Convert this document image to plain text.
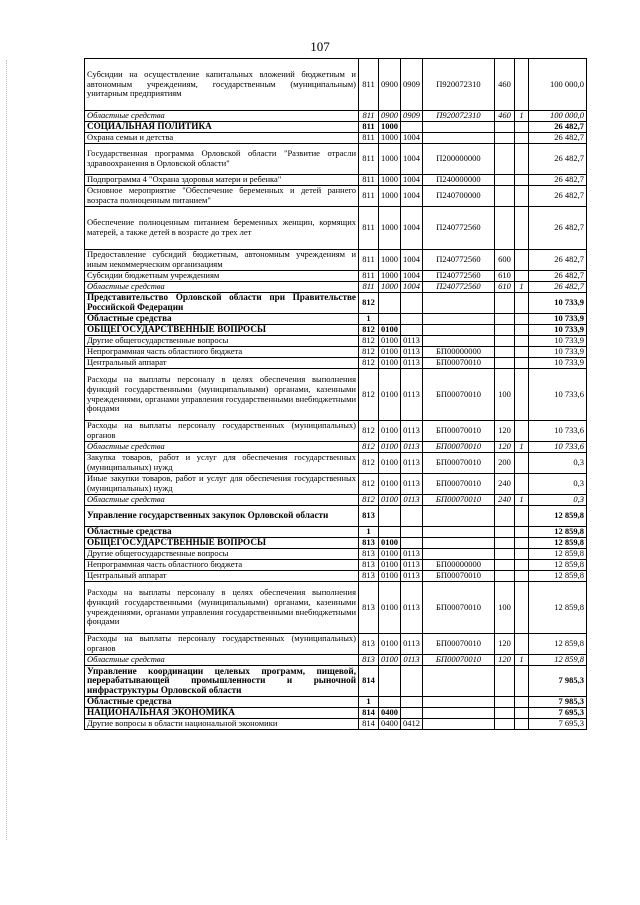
107
Субсидии на осуществление капитальных вложений бюджетным и автономным учреждениям, государственным (муниципальным) унитарным предприятиям	811	0900	0909	П920072310	460		100 000,0
Областные средства	811	0900	0909	П920072310	460	1	100 000,0
СОЦИАЛЬНАЯ ПОЛИТИКА	811	1000					26 482,7
Охрана семьи и детства	811	1000	1004				26 482,7
Государственная программа Орловской области "Развитие отрасли здравоохранения в Орловской области"	811	1000	1004	П200000000			26 482,7
Подпрограмма 4 "Охрана здоровья матери и ребенка"	811	1000	1004	П240000000			26 482,7
Основное мероприятие "Обеспечение беременных и детей раннего возраста полноценным питанием"	811	1000	1004	П240700000			26 482,7
Обеспечение полноценным питанием беременных женщин, кормящих матерей, а также детей в возрасте до трех лет	811	1000	1004	П240772560			26 482,7
Предоставление субсидий бюджетным, автономным учреждениям и иным некоммерческим организациям	811	1000	1004	П240772560	600		26 482,7
Субсидии бюджетным учреждениям	811	1000	1004	П240772560	610		26 482,7
Областные средства	811	1000	1004	П240772560	610	1	26 482,7
Представительство Орловской области при Правительстве Российской Федерации	812						10 733,9
Областные средства	1						10 733,9
ОБЩЕГОСУДАРСТВЕННЫЕ ВОПРОСЫ	812	0100					10 733,9
Другие общегосударственные вопросы	812	0100	0113				10 733,9
Непрограммная часть областного бюджета	812	0100	0113	БП00000000			10 733,9
Центральный аппарат	812	0100	0113	БП00070010			10 733,9
Расходы на выплаты персоналу в целях обеспечения выполнения функций государственными (муниципальными) органами, казенными учреждениями, органами управления государственными внебюджетными фондами	812	0100	0113	БП00070010	100		10 733,6
Расходы на выплаты персоналу государственных (муниципальных) органов	812	0100	0113	БП00070010	120		10 733,6
Областные средства	812	0100	0113	БП00070010	120	1	10 733,6
Закупка товаров, работ и услуг для обеспечения государственных (муниципальных) нужд	812	0100	0113	БП00070010	200		0,3
Иные закупки товаров, работ и услуг для обеспечения государственных (муниципальных) нужд	812	0100	0113	БП00070010	240		0,3
Областные средства	812	0100	0113	БП00070010	240	1	0,3
Управление государственных закупок Орловской области	813						12 859,8
Областные средства	1						12 859,8
ОБЩЕГОСУДАРСТВЕННЫЕ ВОПРОСЫ	813	0100					12 859,8
Другие общегосударственные вопросы	813	0100	0113				12 859,8
Непрограммная часть областного бюджета	813	0100	0113	БП00000000			12 859,8
Центральный аппарат	813	0100	0113	БП00070010			12 859,8
Расходы на выплаты персоналу в целях обеспечения выполнения функций государственными (муниципальными) органами, казенными учреждениями, органами управления государственными внебюджетными фондами	813	0100	0113	БП00070010	100		12 859,8
Расходы на выплаты персоналу государственных (муниципальных) органов	813	0100	0113	БП00070010	120		12 859,8
Областные средства	813	0100	0113	БП00070010	120	1	12 859,8
Управление координации целевых программ, пищевой, перерабатывающей промышленности и рыночной инфраструктуры Орловской области	814						7 985,3
Областные средства	1						7 985,3
НАЦИОНАЛЬНАЯ ЭКОНОМИКА	814	0400					7 695,3
Другие вопросы в области национальной экономики	814	0400	0412				7 695,3
